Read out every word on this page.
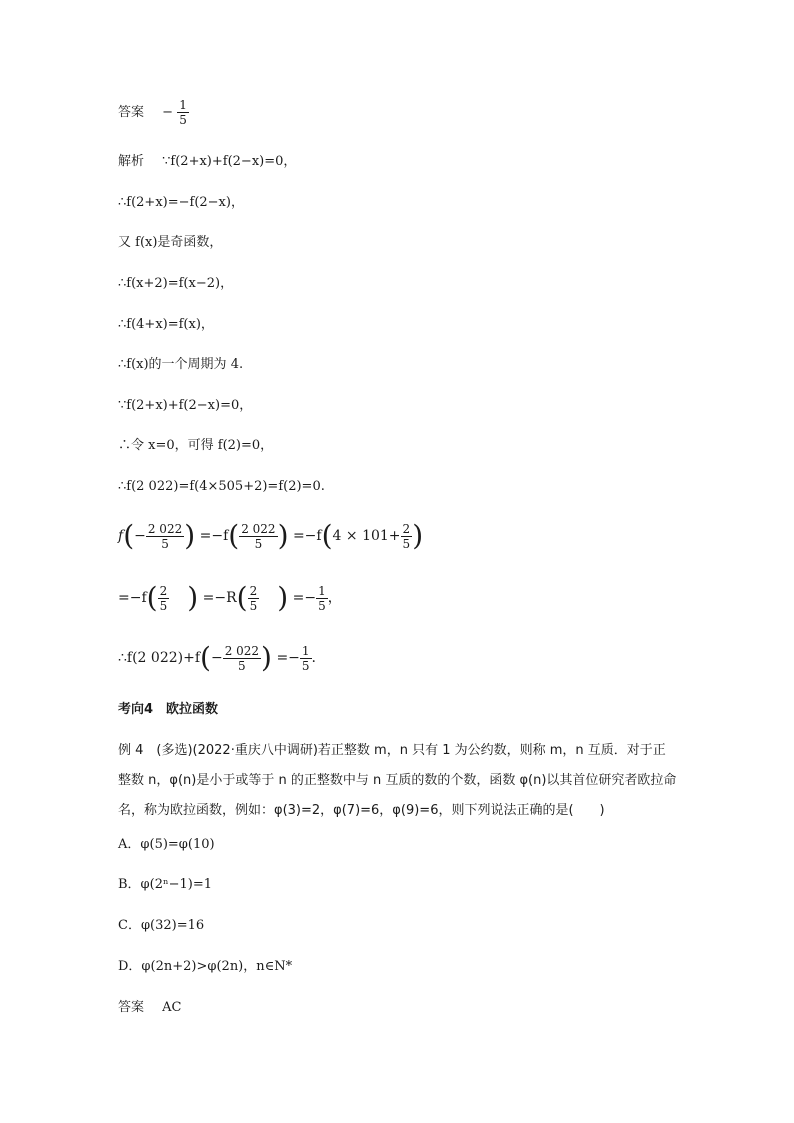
答案 − $\frac{1}{5}$
解析 ∵f(2+x)+f(2−x)=0，
∴f(2+x)=−f(2−x)，
又 f(x)是奇函数，
∴f(x+2)=f(x−2)，
∴f(4+x)=f(x)，
∴f(x)的一个周期为 4.
∵f(2+x)+f(2−x)=0，
∴令 x=0，可得 f(2)=0，
∴f(2 022)=f(4×505+2)=f(2)=0.
$f(- \frac{2 022}{5}$ ) $=-f( \frac{2 022}{5}$ ) $=-f(4 \times 101+ \frac{2}{5}$ )
$=-f( \frac{2}{5}$ ) $=-R( \frac{2}{5}$ ) =− $\frac{1}{5}$ ，
∴f(2 $022)+f(- \frac{2 022}{5}$ ) =− $\frac{1}{5}$ .
考向4　欧拉函数
例 4　(多选)(2022·重庆八中调研)若正整数 m，n 只有 1 为公约数，则称 m，n 互质．对于正整数 n，φ(n)是小于或等于 n 的正整数中与 n 互质的数的个数，函数 φ(n)以其首位研究者欧拉命名，称为欧拉函数，例如：φ(3)=2，φ(7)=6，φ(9)=6，则下列说法正确的是(　　)
A．φ(5)=φ(10)
B．φ(2ⁿ−1)=1
C．φ(32)=16
D．φ(2n+2)>φ(2n)，n∈N*
答案 AC
